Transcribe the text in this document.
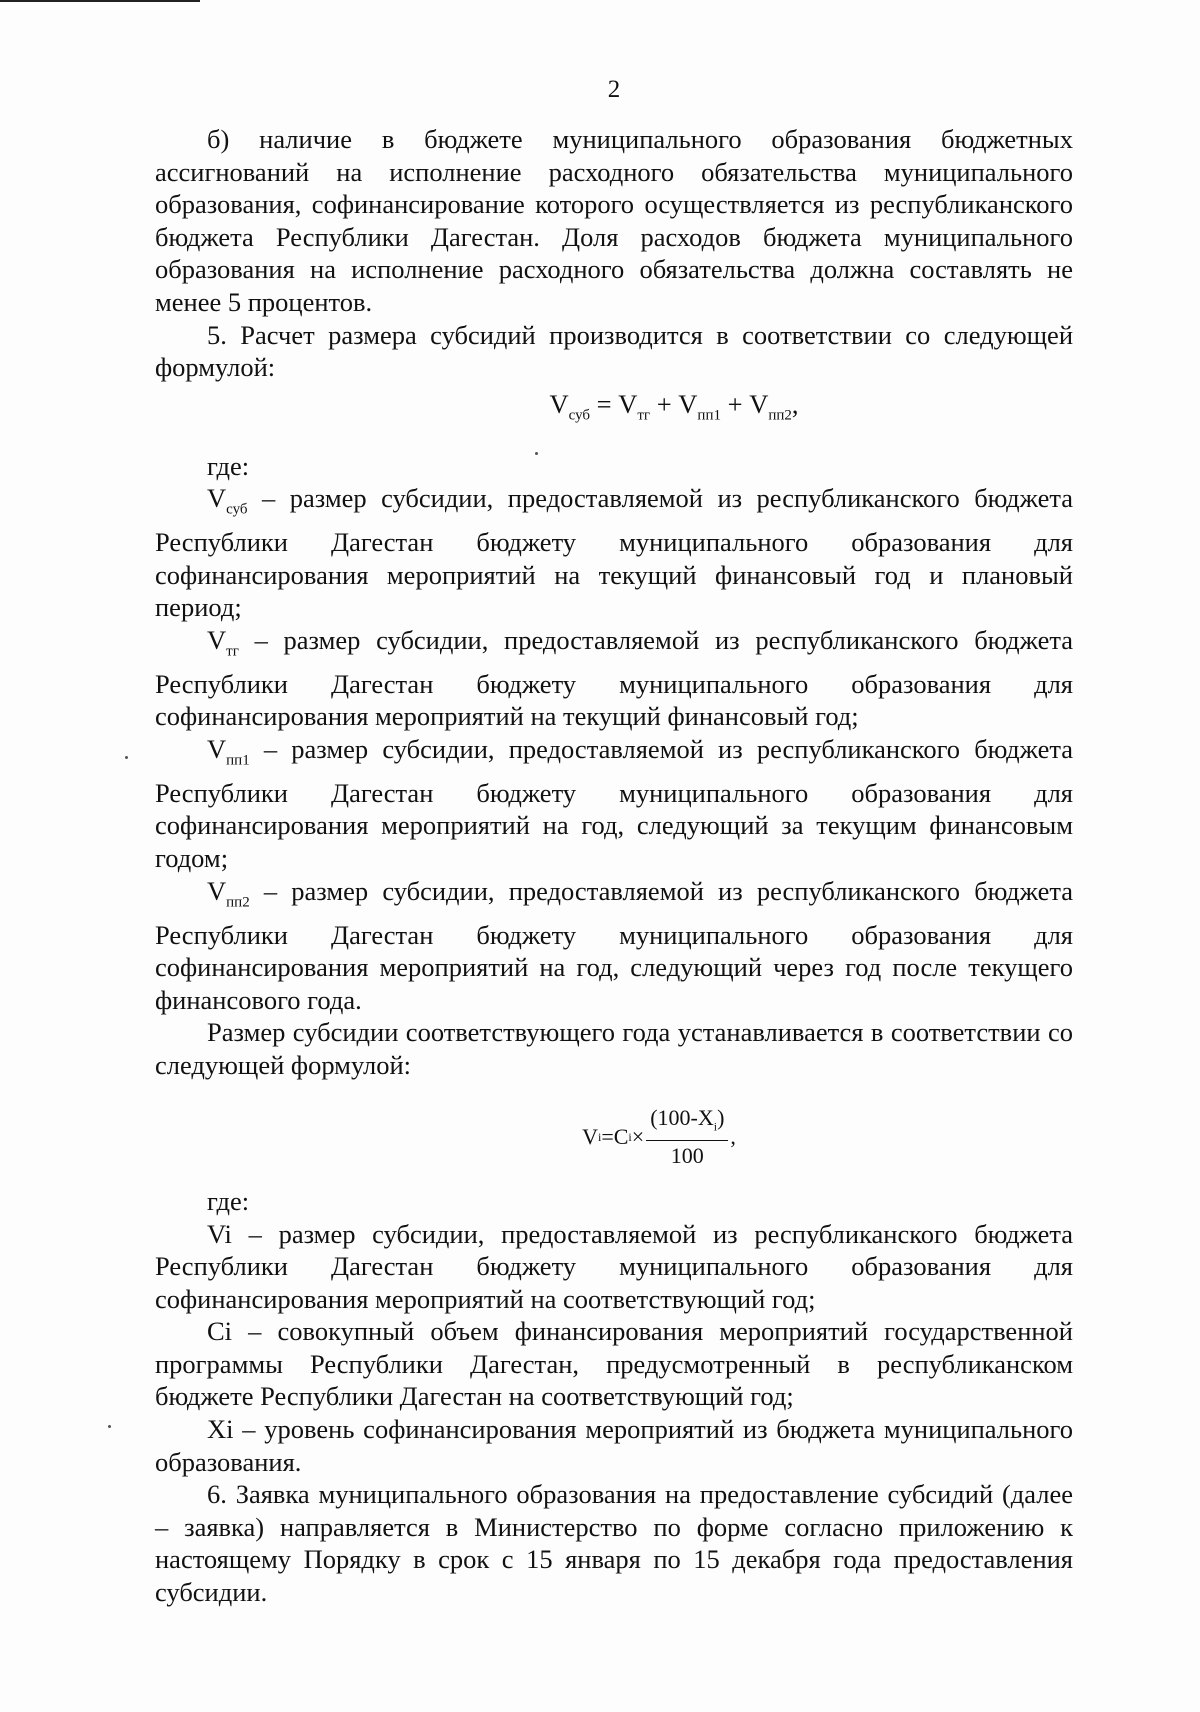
2

б) наличие в бюджете муниципального образования бюджетных ассигнований на исполнение расходного обязательства муниципального образования, софинансирование которого осуществляется из республиканского бюджета Республики Дагестан. Доля расходов бюджета муниципального образования на исполнение расходного обязательства должна составлять не менее 5 процентов.

5. Расчет размера субсидий производится в соответствии со следующей формулой:

$V_{суб} = V_{тг} + V_{пп1} + V_{пп2}$,

где:

$V_{суб}$ – размер субсидии, предоставляемой из республиканского бюджета Республики Дагестан бюджету муниципального образования для софинансирования мероприятий на текущий финансовый год и плановый период;

$V_{тг}$ – размер субсидии, предоставляемой из республиканского бюджета Республики Дагестан бюджету муниципального образования для софинансирования мероприятий на текущий финансовый год;

$V_{пп1}$ – размер субсидии, предоставляемой из республиканского бюджета Республики Дагестан бюджету муниципального образования для софинансирования мероприятий на год, следующий за текущим финансовым годом;

$V_{пп2}$ – размер субсидии, предоставляемой из республиканского бюджета Республики Дагестан бюджету муниципального образования для софинансирования мероприятий на год, следующий через год после текущего финансового года.

Размер субсидии соответствующего года устанавливается в соответствии со следующей формулой:

V i =C $i \times \frac{(100-X_i)}{100}$ ,

где:

Vi – размер субсидии, предоставляемой из республиканского бюджета Республики Дагестан бюджету муниципального образования для софинансирования мероприятий на соответствующий год;

Ci – совокупный объем финансирования мероприятий государственной программы Республики Дагестан, предусмотренный в республиканском бюджете Республики Дагестан на соответствующий год;

Xi – уровень софинансирования мероприятий из бюджета муниципального образования.

6. Заявка муниципального образования на предоставление субсидий (далее – заявка) направляется в Министерство по форме согласно приложению к настоящему Порядку в срок с 15 января по 15 декабря года предоставления субсидии.
